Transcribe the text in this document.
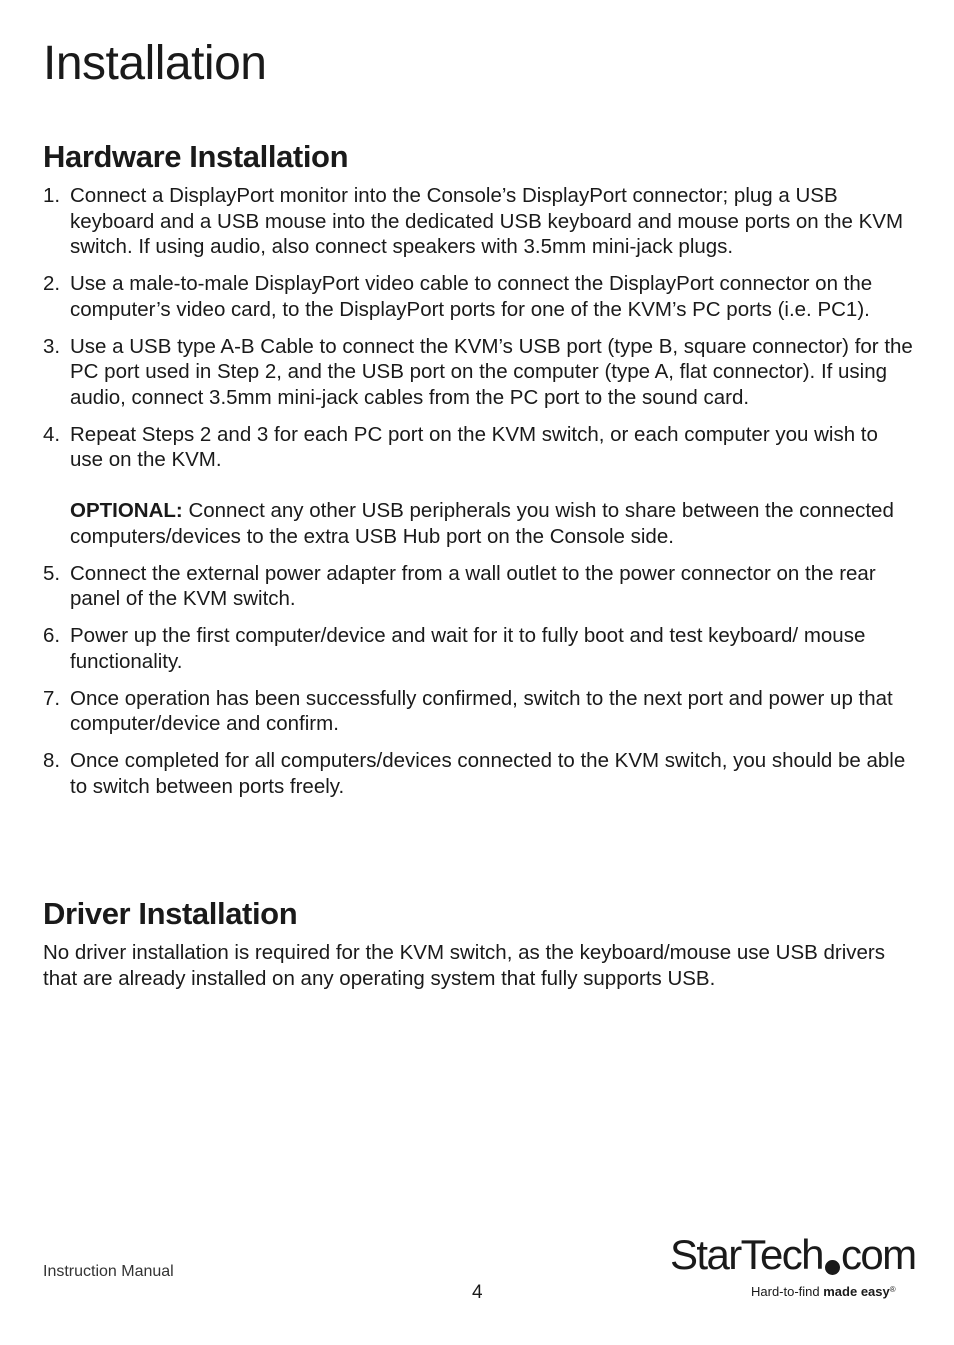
Installation
Hardware Installation
1. Connect a DisplayPort monitor into the Console’s DisplayPort connector; plug a USB keyboard and a USB mouse into the dedicated USB keyboard and mouse ports on the KVM switch. If using audio, also connect speakers with 3.5mm mini-jack plugs.
2. Use a male-to-male DisplayPort video cable to connect the DisplayPort connector on the computer’s video card, to the DisplayPort ports for one of the KVM’s PC ports (i.e. PC1).
3. Use a USB type A-B Cable to connect the KVM’s USB port (type B, square connector) for the PC port used in Step 2, and the USB port on the computer (type A, flat connector). If using audio, connect 3.5mm mini-jack cables from the PC port to the sound card.
4. Repeat Steps 2 and 3 for each PC port on the KVM switch, or each computer you wish to use on the KVM.
OPTIONAL: Connect any other USB peripherals you wish to share between the connected computers/devices to the extra USB Hub port on the Console side.
5. Connect the external power adapter from a wall outlet to the power connector on the rear panel of the KVM switch.
6. Power up the first computer/device and wait for it to fully boot and test keyboard/ mouse functionality.
7. Once operation has been successfully confirmed, switch to the next port and power up that computer/device and confirm.
8. Once completed for all computers/devices connected to the KVM switch, you should be able to switch between ports freely.
Driver Installation

No driver installation is required for the KVM switch, as the keyboard/mouse use USB drivers that are already installed on any operating system that fully supports USB.

Instruction Manual
4
StarTech com
Hard-to-find made easy®
